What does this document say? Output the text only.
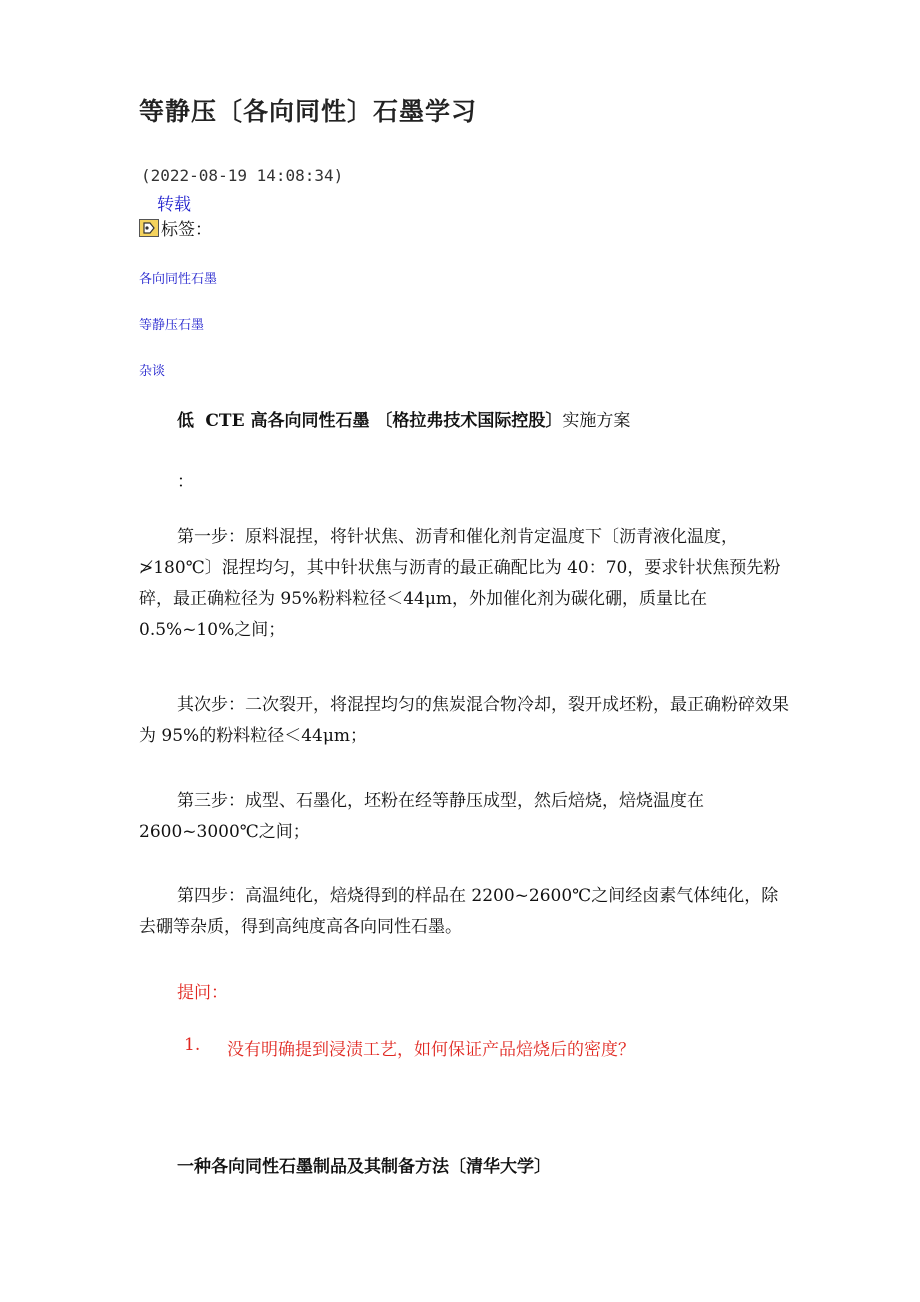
等静压〔各向同性〕石墨学习
(2022-08-19 14:08:34)
转载
标签：
各向同性石墨
等静压石墨
杂谈
低 CTE 高各向同性石墨 〔格拉弗技术国际控股〕实施方案
：
第一步：原料混捏，将针状焦、沥青和催化剂肯定温度下〔沥青液化温度，≯180℃〕混捏均匀，其中针状焦与沥青的最正确配比为 40：70，要求针状焦预先粉碎，最正确粒径为 95%粉料粒径＜44μm，外加催化剂为碳化硼，质量比在 0.5%~10%之间；
其次步：二次裂开，将混捏均匀的焦炭混合物冷却，裂开成坯粉，最正确粉碎效果为 95%的粉料粒径＜44μm；
第三步：成型、石墨化，坯粉在经等静压成型，然后焙烧，焙烧温度在 2600~3000℃之间；
第四步：高温纯化，焙烧得到的样品在 2200~2600℃之间经卤素气体纯化，除去硼等杂质，得到高纯度高各向同性石墨。
提问：
1.	没有明确提到浸渍工艺，如何保证产品焙烧后的密度？
一种各向同性石墨制品及其制备方法〔清华大学〕
